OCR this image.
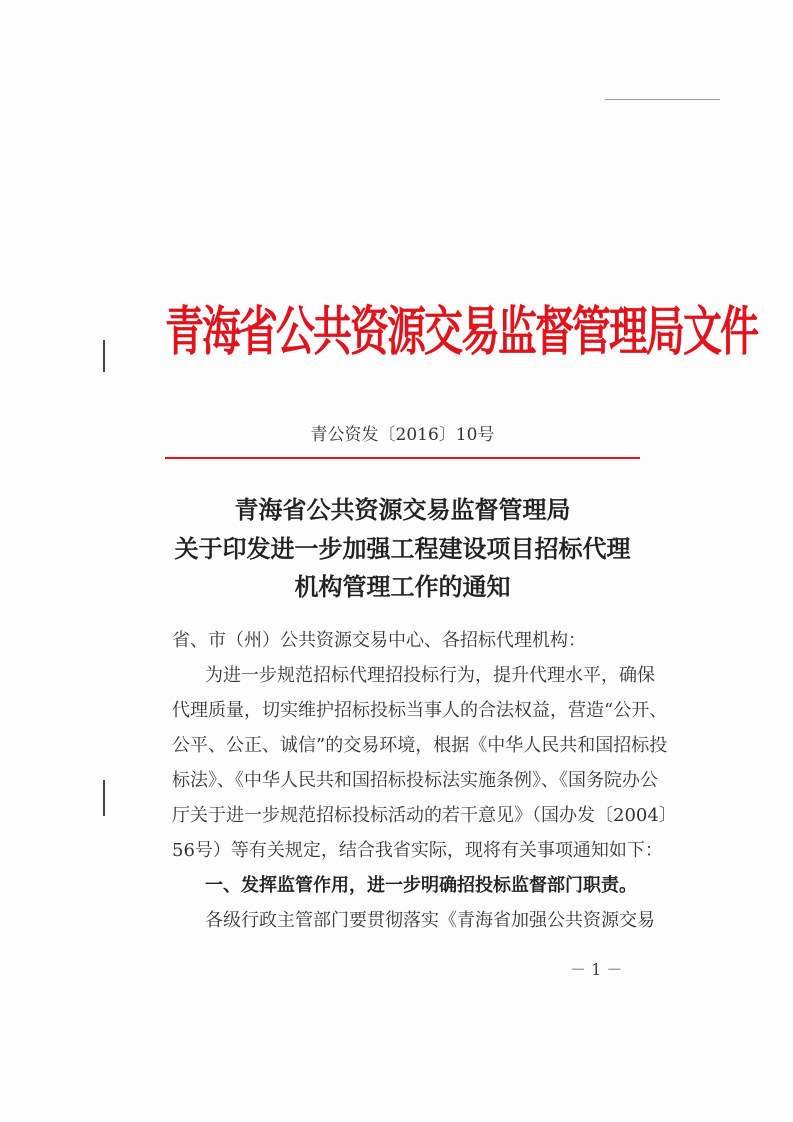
青海省公共资源交易监督管理局文件
青公资发〔2016〕10号
青海省公共资源交易监督管理局
关于印发进一步加强工程建设项目招标代理
机构管理工作的通知
省、市（州）公共资源交易中心、各招标代理机构：
为进一步规范招标代理招投标行为，提升代理水平，确保
代理质量，切实维护招标投标当事人的合法权益，营造“公开、
公平、公正、诚信”的交易环境，根据《中华人民共和国招标投
标法》、《中华人民共和国招标投标法实施条例》、《国务院办公
厅关于进一步规范招标投标活动的若干意见》（国办发〔2004〕
56号）等有关规定，结合我省实际，现将有关事项通知如下：
一、发挥监管作用，进一步明确招投标监督部门职责。
各级行政主管部门要贯彻落实《青海省加强公共资源交易
－ 1 －
